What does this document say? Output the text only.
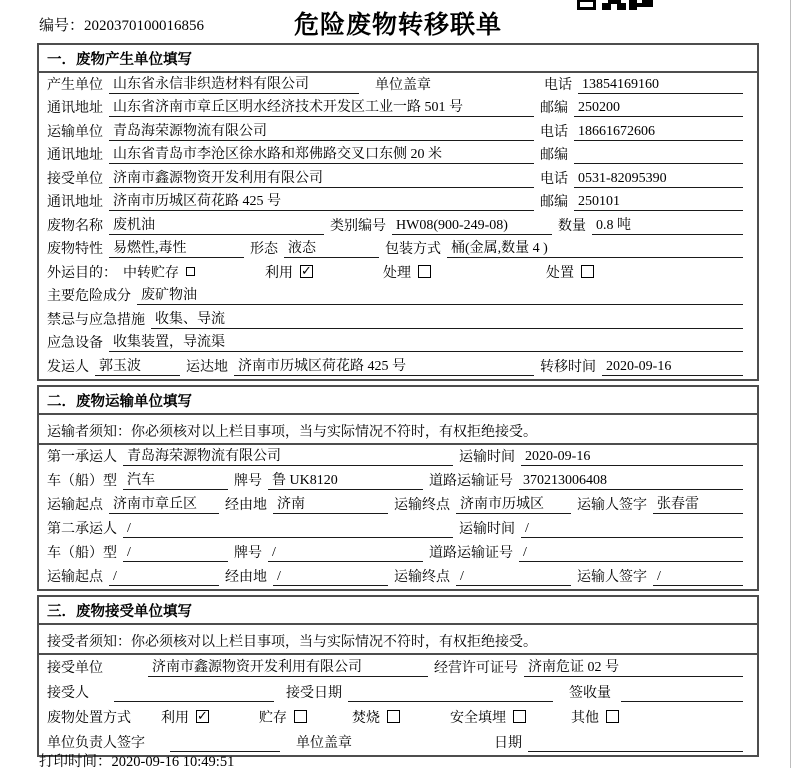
编号：2020370100016856	危险废物转移联单
一．废物产生单位填写
产生单位 山东省永信非织造材料有限公司	单位盖章	电话 13854169160
通讯地址 山东省济南市章丘区明水经济技术开发区工业一路 501 号	邮编 250200
运输单位 青岛海荣源物流有限公司	电话 18661672606
通讯地址 山东省青岛市李沧区徐水路和郑佛路交叉口东侧 20 米	邮编
接受单位 济南市鑫源物资开发利用有限公司	电话 0531-82095390
通讯地址 济南市历城区荷花路 425 号	邮编 250101
废物名称 废机油	类别编号 HW08(900-249-08)	数量 0.8 吨
废物特性 易燃性,毒性	形态 液态	包装方式 桶(金属,数量 4 )
外运目的： 中转贮存	利用 ✓	处理	处置
主要危险成分 废矿物油
禁忌与应急措施 收集、导流
应急设备 收集装置，导流渠
发运人 郭玉波	运达地 济南市历城区荷花路 425 号	转移时间 2020-09-16
二．废物运输单位填写
运输者须知：你必须核对以上栏目事项，当与实际情况不符时，有权拒绝接受。
第一承运人 青岛海荣源物流有限公司	运输时间 2020-09-16
车（船）型 汽车	牌号 鲁 UK8120	道路运输证号 370213006408
运输起点 济南市章丘区	经由地 济南	运输终点 济南市历城区	运输人签字 张春雷
第二承运人 /	运输时间 /
车（船）型 /	牌号 /	道路运输证号 /
运输起点 /	经由地 /	运输终点 /	运输人签字 /
三．废物接受单位填写
接受者须知：你必须核对以上栏目事项，当与实际情况不符时，有权拒绝接受。
接受单位	济南市鑫源物资开发利用有限公司	经营许可证号 济南危证 02 号
接受人	接受日期	签收量
废物处置方式 利用 ✓	贮存	焚烧	安全填埋	其他
单位负责人签字	单位盖章	日期
打印时间：2020-09-16 10:49:51
